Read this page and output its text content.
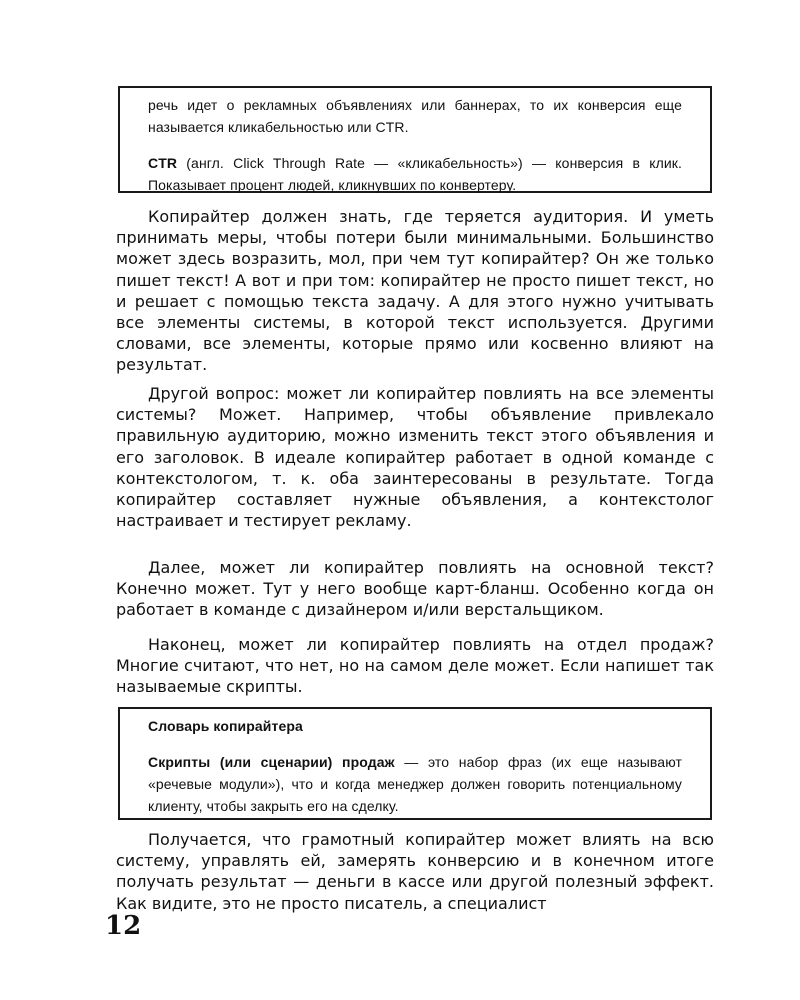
речь идет о рекламных объявлениях или баннерах, то их конверсия еще называется кликабельностью или CTR.

CTR (англ. Click Through Rate — «кликабельность») — конверсия в клик. Показывает процент людей, кликнувших по конвертеру.

Копирайтер должен знать, где теряется аудитория. И уметь принимать меры, чтобы потери были минимальными. Большинство может здесь возразить, мол, при чем тут копирайтер? Он же только пишет текст! А вот и при том: копирайтер не просто пишет текст, но и решает с помощью текста задачу. А для этого нужно учитывать все элементы системы, в которой текст используется. Другими словами, все элементы, которые прямо или косвенно влияют на результат.

Другой вопрос: может ли копирайтер повлиять на все элементы системы? Может. Например, чтобы объявление привлекало правильную аудиторию, можно изменить текст этого объявления и его заголовок. В идеале копирайтер работает в одной команде с контекстологом, т. к. оба заинтересованы в результате. Тогда копирайтер составляет нужные объявления, а контекстолог настраивает и тестирует рекламу.

Далее, может ли копирайтер повлиять на основной текст? Конечно может. Тут у него вообще карт-бланш. Особенно когда он работает в команде с дизайнером и/или верстальщиком.

Наконец, может ли копирайтер повлиять на отдел продаж? Многие считают, что нет, но на самом деле может. Если напишет так называемые скрипты.

Словарь копирайтера

Скрипты (или сценарии) продаж — это набор фраз (их еще называют «речевые модули»), что и когда менеджер должен говорить потенциальному клиенту, чтобы закрыть его на сделку.

Получается, что грамотный копирайтер может влиять на всю систему, управлять ей, замерять конверсию и в конечном итоге получать результат — деньги в кассе или другой полезный эффект. Как видите, это не просто писатель, а специалист

12
